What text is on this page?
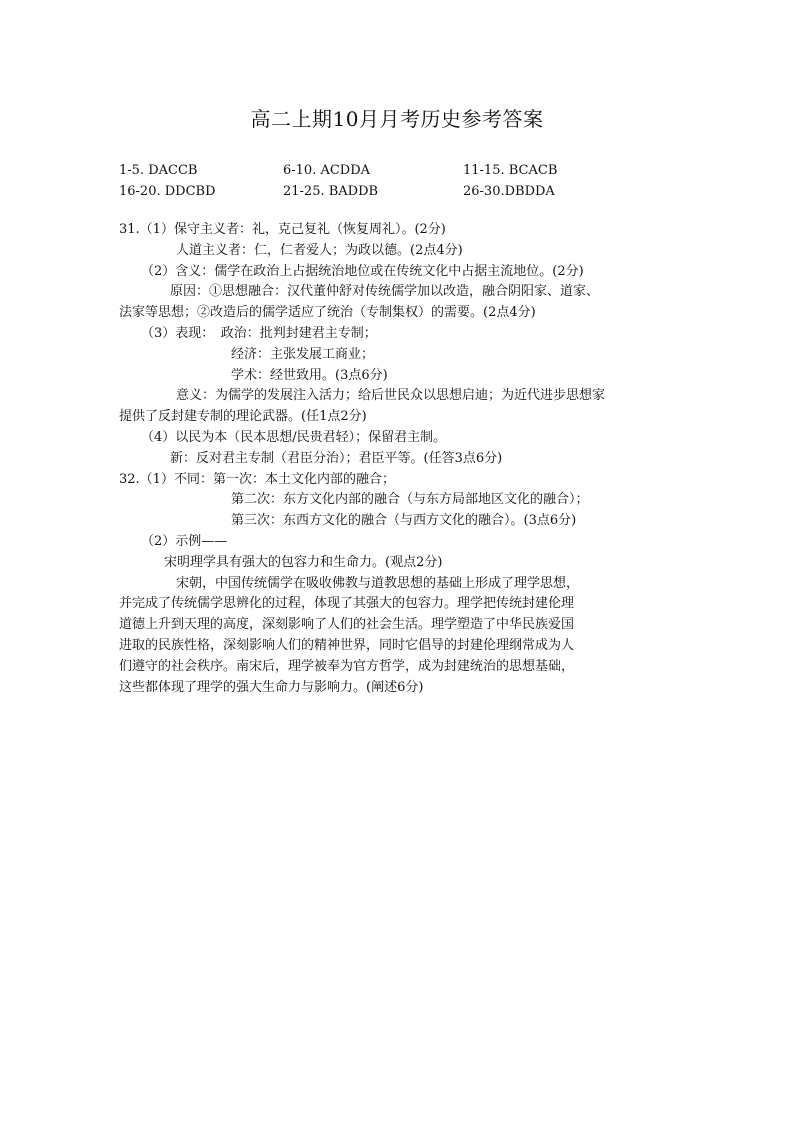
高二上期10月月考历史参考答案
1-5. DACCB	6-10. ACDDA	11-15. BCACB
16-20. DDCBD	21-25. BADDB	26-30.DBDDA
31.（1）保守主义者：礼，克己复礼（恢复周礼）。(2分)
人道主义者：仁，仁者爱人；为政以德。(2点4分)
（2）含义：儒学在政治上占据统治地位或在传统文化中占据主流地位。(2分)
原因：①思想融合：汉代董仲舒对传统儒学加以改造，融合阴阳家、道家、
法家等思想；②改造后的儒学适应了统治（专制集权）的需要。(2点4分)
（3）表现：　政治：批判封建君主专制；
经济：主张发展工商业；
学术：经世致用。(3点6分)
意义：为儒学的发展注入活力；给后世民众以思想启迪；为近代进步思想家
提供了反封建专制的理论武器。(任1点2分)
（4）以民为本（民本思想/民贵君轻）；保留君主制。
新：反对君主专制（君臣分治）；君臣平等。(任答3点6分)
32.（1）不同：第一次：本土文化内部的融合；
第二次：东方文化内部的融合（与东方局部地区文化的融合）；
第三次：东西方文化的融合（与西方文化的融合）。(3点6分)
（2）示例——
宋明理学具有强大的包容力和生命力。(观点2分)
宋朝，中国传统儒学在吸收佛教与道教思想的基础上形成了理学思想，
并完成了传统儒学思辨化的过程，体现了其强大的包容力。理学把传统封建伦理
道德上升到天理的高度，深刻影响了人们的社会生活。理学塑造了中华民族爱国
进取的民族性格，深刻影响人们的精神世界，同时它倡导的封建伦理纲常成为人
们遵守的社会秩序。南宋后，理学被奉为官方哲学，成为封建统治的思想基础，
这些都体现了理学的强大生命力与影响力。(阐述6分)
